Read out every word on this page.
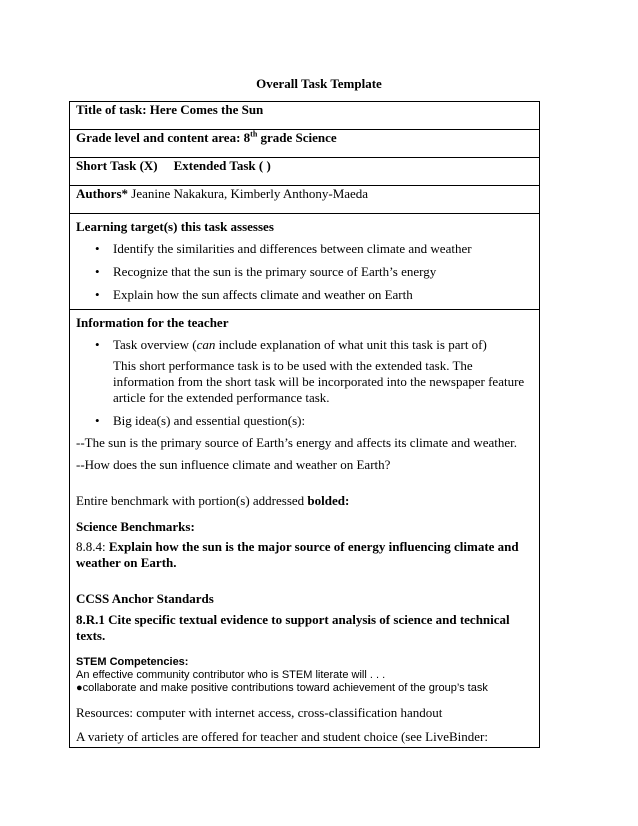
Overall Task Template
Title of task: Here Comes the Sun
Grade level and content area: 8th grade Science
Short Task (X) Extended Task ( )
Authors* Jeanine Nakakura, Kimberly Anthony-Maeda

Learning target(s) this task assesses
• Identify the similarities and differences between climate and weather
• Recognize that the sun is the primary source of Earth’s energy
• Explain how the sun affects climate and weather on Earth

Information for the teacher
• Task overview (can include explanation of what unit this task is part of)
This short performance task is to be used with the extended task. The information from the short task will be incorporated into the newspaper feature article for the extended performance task.
• Big idea(s) and essential question(s):
--The sun is the primary source of Earth’s energy and affects its climate and weather.
--How does the sun influence climate and weather on Earth?
Entire benchmark with portion(s) addressed bolded:
Science Benchmarks:
8.8.4: Explain how the sun is the major source of energy influencing climate and weather on Earth.
CCSS Anchor Standards
8.R.1 Cite specific textual evidence to support analysis of science and technical texts.
STEM Competencies:
An effective community contributor who is STEM literate will . . .
●collaborate and make positive contributions toward achievement of the group’s task
Resources: computer with internet access, cross-classification handout
A variety of articles are offered for teacher and student choice (see LiveBinder:
